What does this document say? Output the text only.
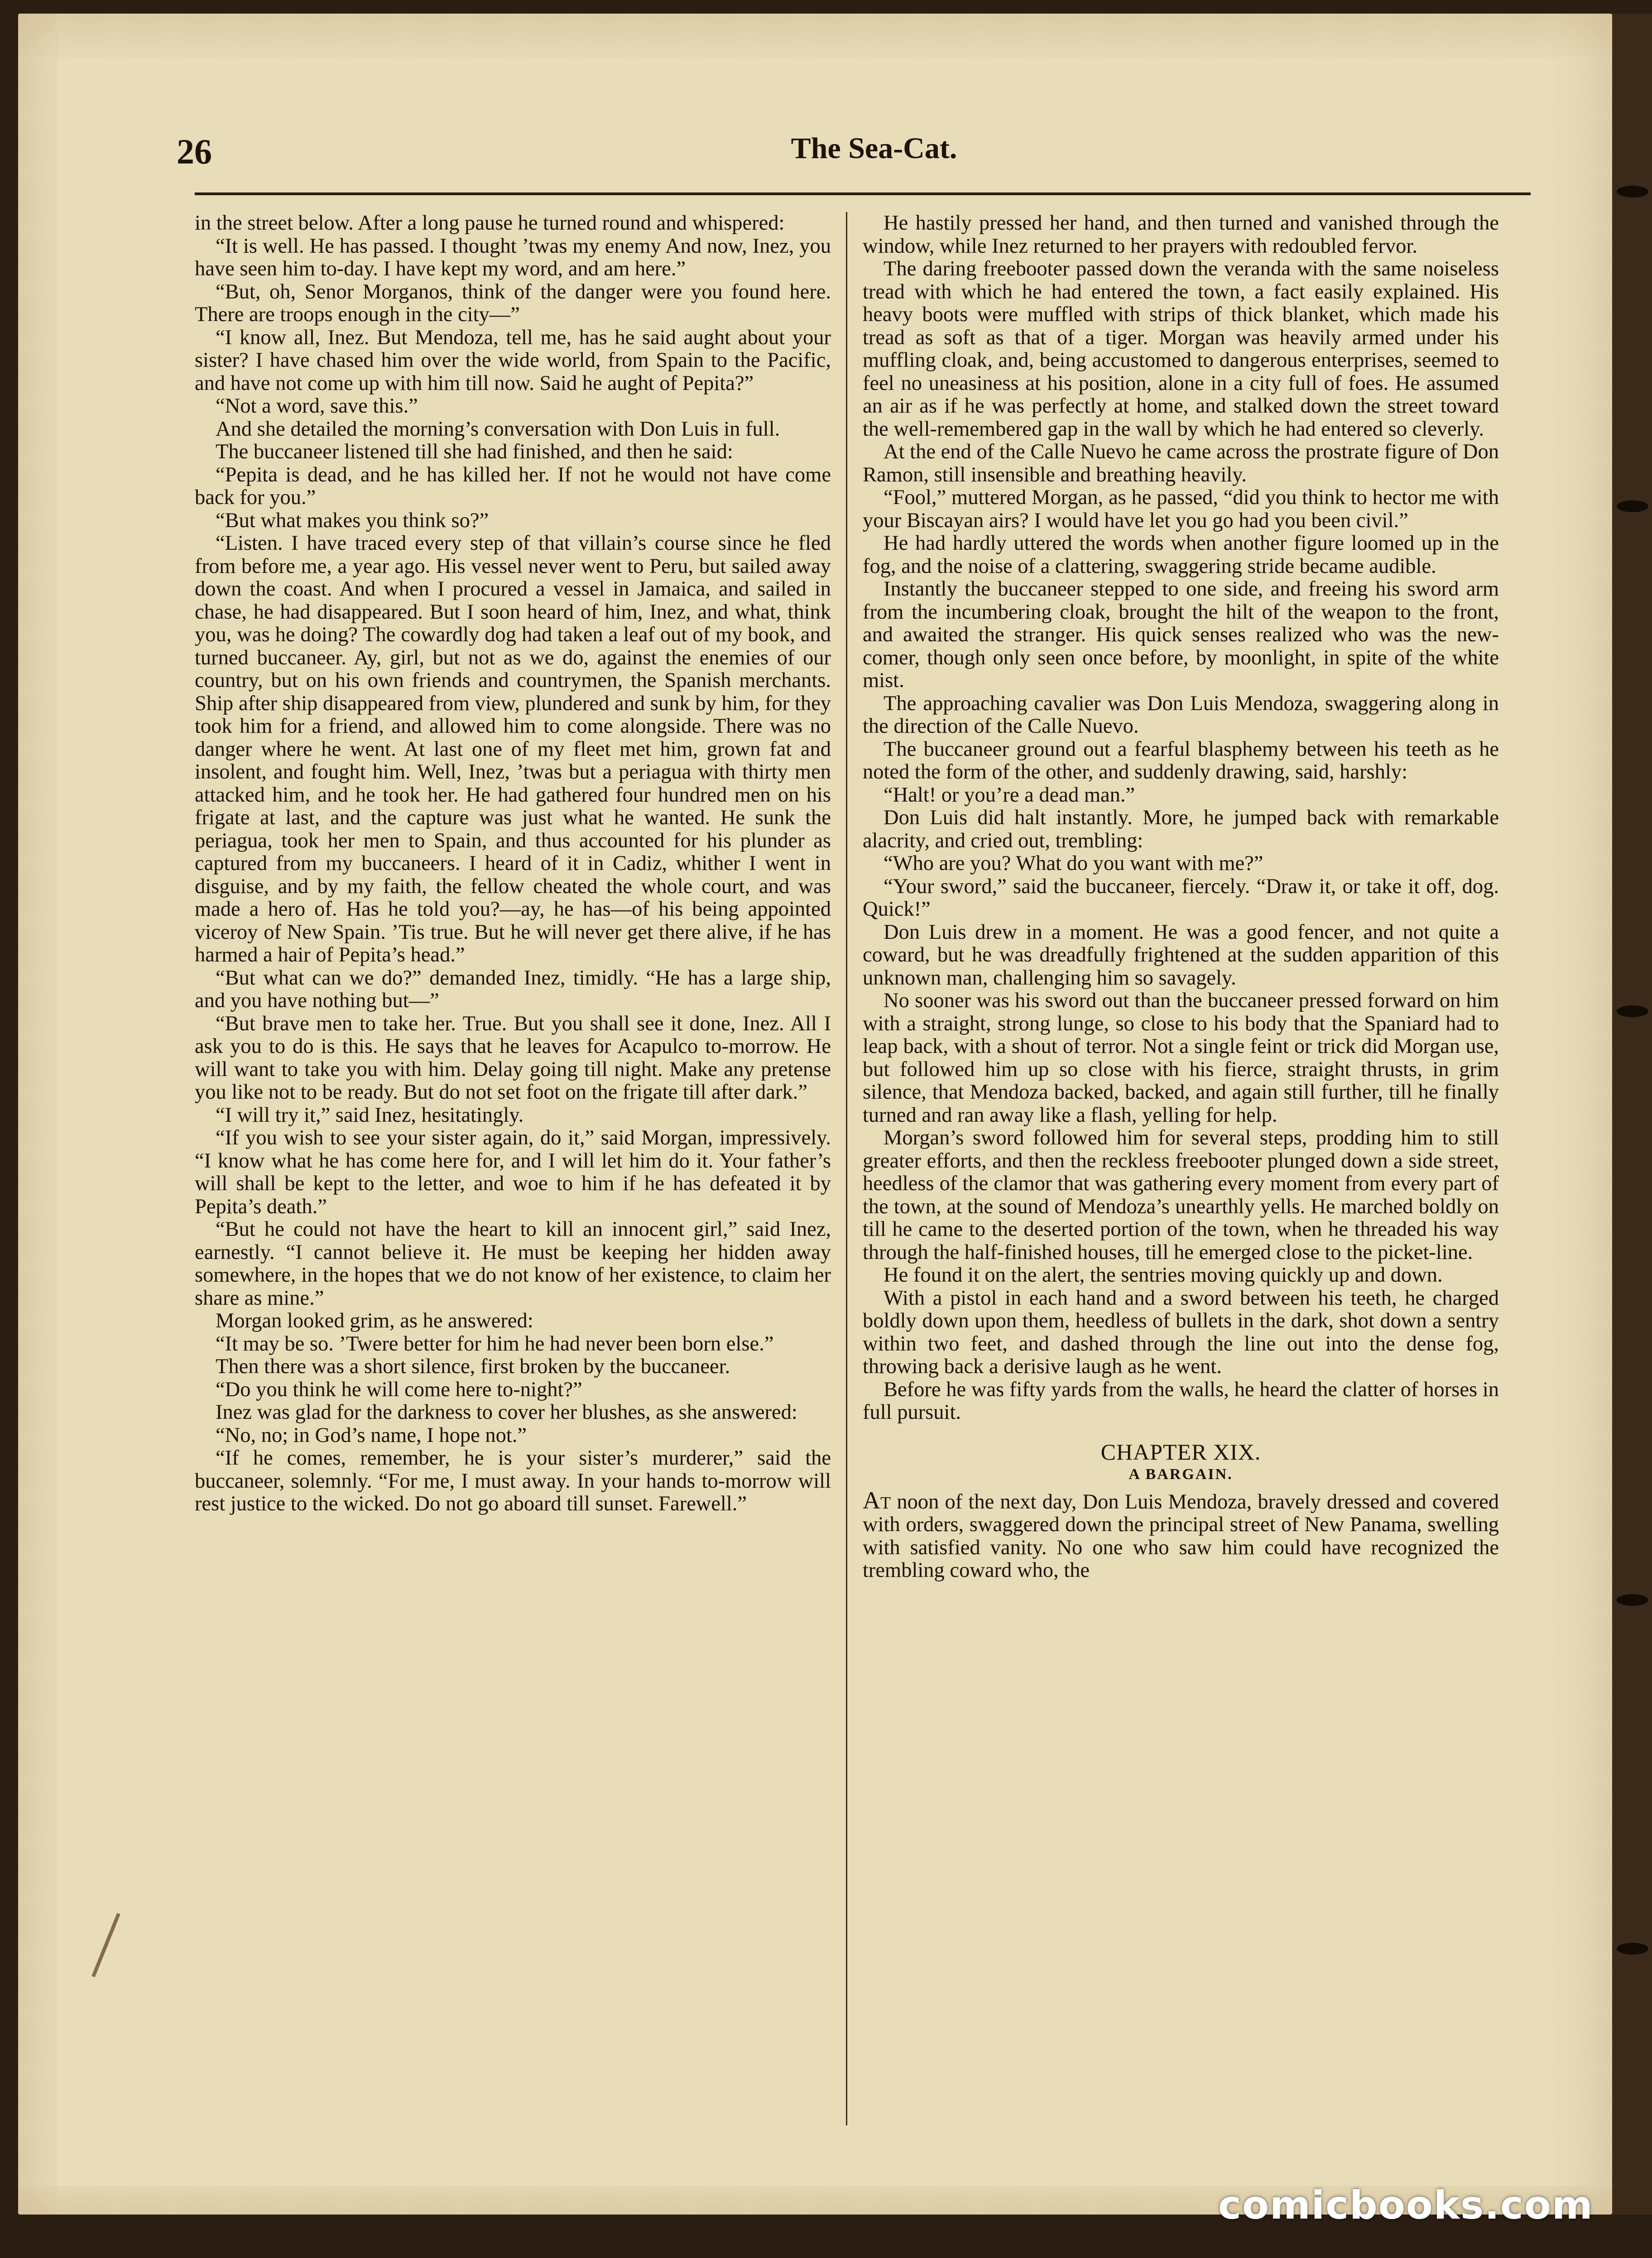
26	The Sea-Cat.

in the street below. After a long pause he turned round and whispered:

“It is well. He has passed. I thought ’twas my enemy And now, Inez, you have seen him to-day. I have kept my word, and am here.”

“But, oh, Senor Morganos, think of the danger were you found here. There are troops enough in the city—”

“I know all, Inez. But Mendoza, tell me, has he said aught about your sister? I have chased him over the wide world, from Spain to the Pacific, and have not come up with him till now. Said he aught of Pepita?”

“Not a word, save this.”

And she detailed the morning’s conversation with Don Luis in full.

The buccaneer listened till she had finished, and then he said:

“Pepita is dead, and he has killed her. If not he would not have come back for you.”

“But what makes you think so?”

“Listen. I have traced every step of that villain’s course since he fled from before me, a year ago. His vessel never went to Peru, but sailed away down the coast. And when I procured a vessel in Jamaica, and sailed in chase, he had disappeared. But I soon heard of him, Inez, and what, think you, was he doing? The cowardly dog had taken a leaf out of my book, and turned buccaneer. Ay, girl, but not as we do, against the enemies of our country, but on his own friends and countrymen, the Spanish merchants. Ship after ship disappeared from view, plundered and sunk by him, for they took him for a friend, and allowed him to come alongside. There was no danger where he went. At last one of my fleet met him, grown fat and insolent, and fought him. Well, Inez, ’twas but a periagua with thirty men attacked him, and he took her. He had gathered four hundred men on his frigate at last, and the capture was just what he wanted. He sunk the periagua, took her men to Spain, and thus accounted for his plunder as captured from my buccaneers. I heard of it in Cadiz, whither I went in disguise, and by my faith, the fellow cheated the whole court, and was made a hero of. Has he told you?—ay, he has—of his being appointed viceroy of New Spain. ’Tis true. But he will never get there alive, if he has harmed a hair of Pepita’s head.”

“But what can we do?” demanded Inez, timidly. “He has a large ship, and you have nothing but—”

“But brave men to take her. True. But you shall see it done, Inez. All I ask you to do is this. He says that he leaves for Acapulco to-morrow. He will want to take you with him. Delay going till night. Make any pretense you like not to be ready. But do not set foot on the frigate till after dark.”

“I will try it,” said Inez, hesitatingly.

“If you wish to see your sister again, do it,” said Morgan, impressively. “I know what he has come here for, and I will let him do it. Your father’s will shall be kept to the letter, and woe to him if he has defeated it by Pepita’s death.”

“But he could not have the heart to kill an innocent girl,” said Inez, earnestly. “I cannot believe it. He must be keeping her hidden away somewhere, in the hopes that we do not know of her existence, to claim her share as mine.”

Morgan looked grim, as he answered:

“It may be so. ’Twere better for him he had never been born else.”

Then there was a short silence, first broken by the buccaneer.

“Do you think he will come here to-night?”

Inez was glad for the darkness to cover her blushes, as she answered:

“No, no; in God’s name, I hope not.”

“If he comes, remember, he is your sister’s murderer,” said the buccaneer, solemnly. “For me, I must away. In your hands to-morrow will rest justice to the wicked. Do not go aboard till sunset. Farewell.”

He hastily pressed her hand, and then turned and vanished through the window, while Inez returned to her prayers with redoubled fervor.

The daring freebooter passed down the veranda with the same noiseless tread with which he had entered the town, a fact easily explained. His heavy boots were muffled with strips of thick blanket, which made his tread as soft as that of a tiger. Morgan was heavily armed under his muffling cloak, and, being accustomed to dangerous enterprises, seemed to feel no uneasiness at his position, alone in a city full of foes. He assumed an air as if he was perfectly at home, and stalked down the street toward the well-remembered gap in the wall by which he had entered so cleverly.

At the end of the Calle Nuevo he came across the prostrate figure of Don Ramon, still insensible and breathing heavily.

“Fool,” muttered Morgan, as he passed, “did you think to hector me with your Biscayan airs? I would have let you go had you been civil.”

He had hardly uttered the words when another figure loomed up in the fog, and the noise of a clattering, swaggering stride became audible.

Instantly the buccaneer stepped to one side, and freeing his sword arm from the incumbering cloak, brought the hilt of the weapon to the front, and awaited the stranger. His quick senses realized who was the new-comer, though only seen once before, by moonlight, in spite of the white mist.

The approaching cavalier was Don Luis Mendoza, swaggering along in the direction of the Calle Nuevo.

The buccaneer ground out a fearful blasphemy between his teeth as he noted the form of the other, and suddenly drawing, said, harshly:

“Halt! or you’re a dead man.”

Don Luis did halt instantly. More, he jumped back with remarkable alacrity, and cried out, trembling:

“Who are you? What do you want with me?”

“Your sword,” said the buccaneer, fiercely. “Draw it, or take it off, dog. Quick!”

Don Luis drew in a moment. He was a good fencer, and not quite a coward, but he was dreadfully frightened at the sudden apparition of this unknown man, challenging him so savagely.

No sooner was his sword out than the buccaneer pressed forward on him with a straight, strong lunge, so close to his body that the Spaniard had to leap back, with a shout of terror. Not a single feint or trick did Morgan use, but followed him up so close with his fierce, straight thrusts, in grim silence, that Mendoza backed, backed, and again still further, till he finally turned and ran away like a flash, yelling for help.

Morgan’s sword followed him for several steps, prodding him to still greater efforts, and then the reckless freebooter plunged down a side street, heedless of the clamor that was gathering every moment from every part of the town, at the sound of Mendoza’s unearthly yells. He marched boldly on till he came to the deserted portion of the town, when he threaded his way through the half-finished houses, till he emerged close to the picket-line.

He found it on the alert, the sentries moving quickly up and down.

With a pistol in each hand and a sword between his teeth, he charged boldly down upon them, heedless of bullets in the dark, shot down a sentry within two feet, and dashed through the line out into the dense fog, throwing back a derisive laugh as he went.

Before he was fifty yards from the walls, he heard the clatter of horses in full pursuit.

CHAPTER XIX.

A BARGAIN.

At noon of the next day, Don Luis Mendoza, bravely dressed and covered with orders, swaggered down the principal street of New Panama, swelling with satisfied vanity. No one who saw him could have recognized the trembling coward who, the

comicbooks.com
